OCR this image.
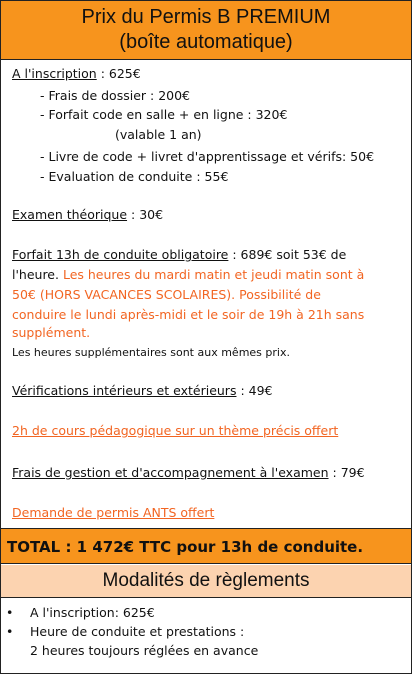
Prix du Permis B PREMIUM
(boîte automatique)
A l'inscription : 625€
- Frais de dossier : 200€
- Forfait code en salle + en ligne : 320€
(valable 1 an)
- Livre de code + livret d'apprentissage et vérifs: 50€
- Evaluation de conduite : 55€
Examen théorique : 30€
Forfait 13h de conduite obligatoire : 689€ soit 53€ de
l'heure. Les heures du mardi matin et jeudi matin sont à
50€ (HORS VACANCES SCOLAIRES). Possibilité de
conduire le lundi après-midi et le soir de 19h à 21h sans
supplément.
Les heures supplémentaires sont aux mêmes prix.
Vérifications intérieurs et extérieurs : 49€
2h de cours pédagogique sur un thème précis offert
Frais de gestion et d'accompagnement à l'examen : 79€
Demande de permis ANTS offert
TOTAL : 1 472€ TTC pour 13h de conduite.
Modalités de règlements
• A l'inscription: 625€
• Heure de conduite et prestations :
2 heures toujours réglées en avance
